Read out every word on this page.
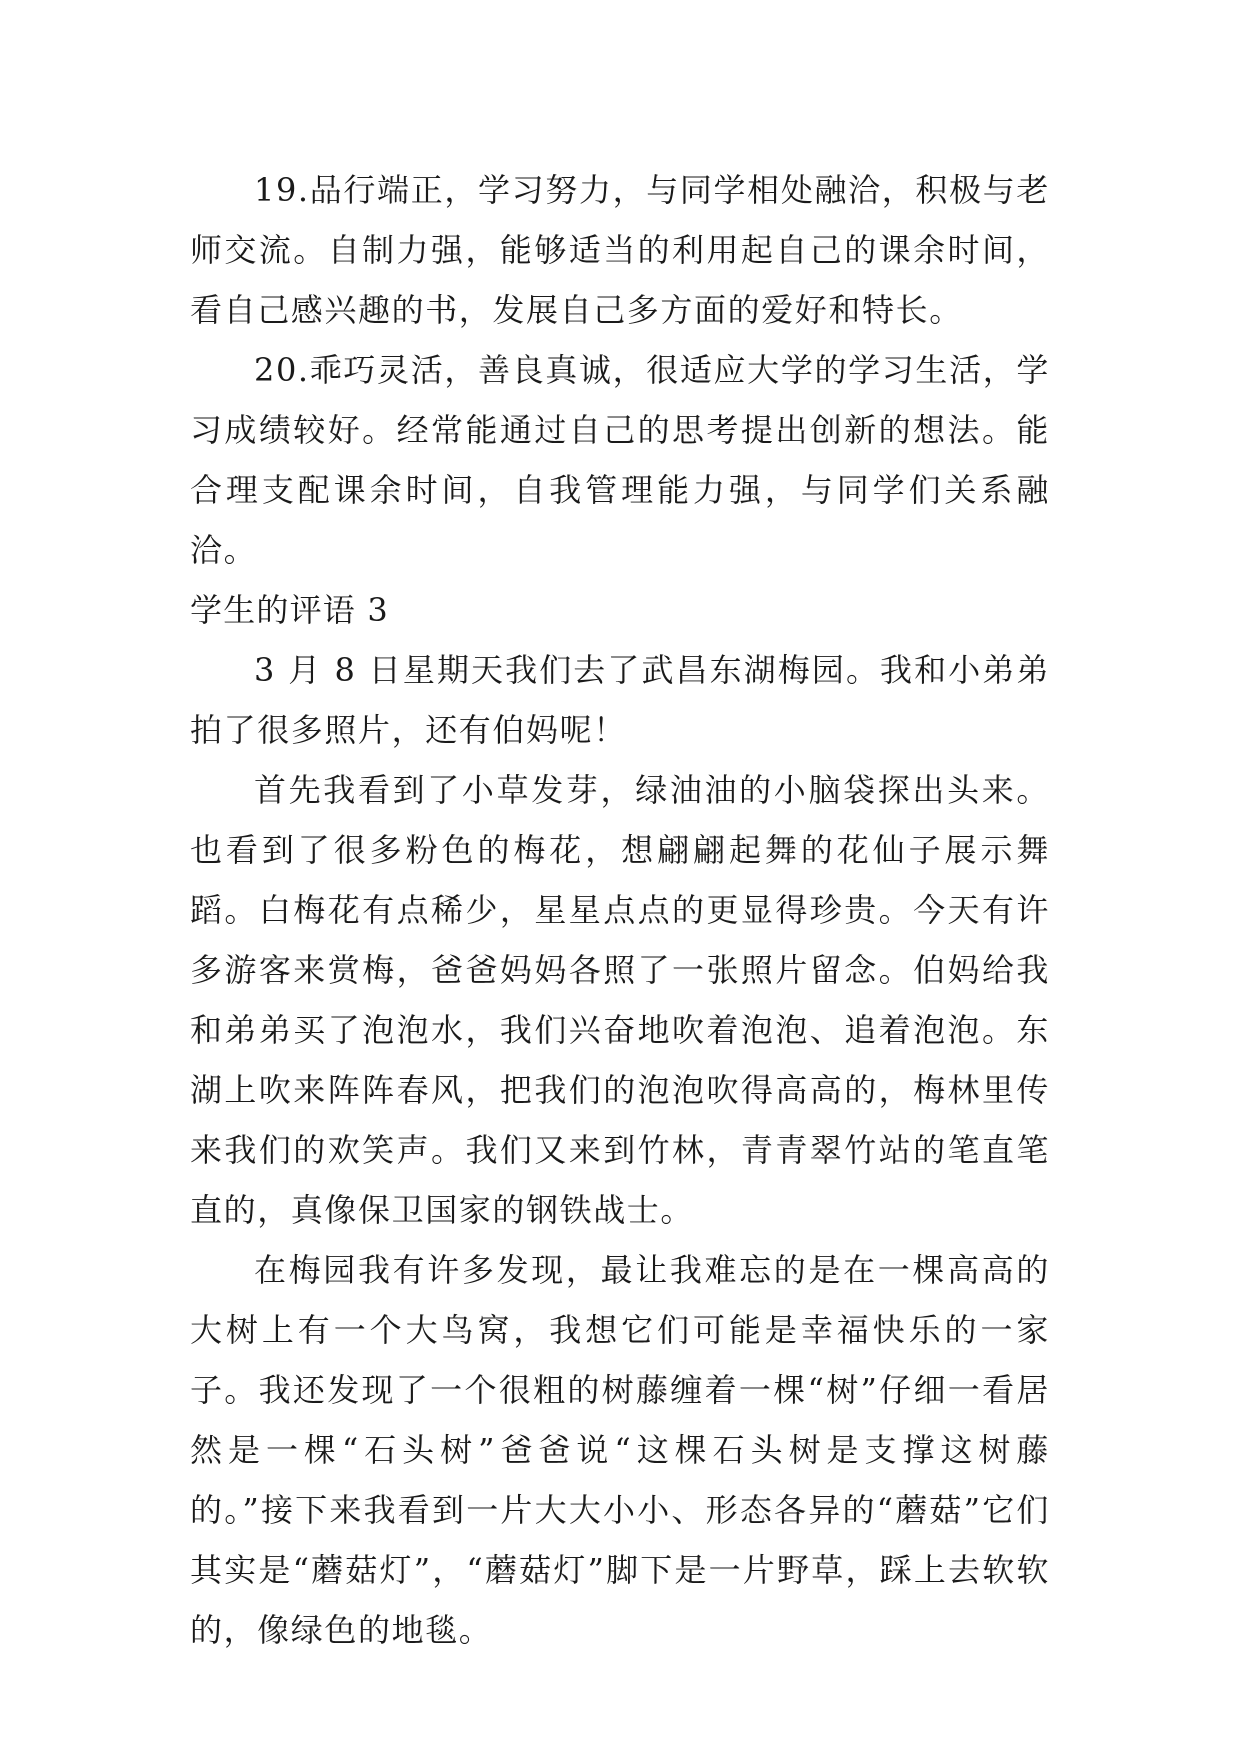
19.品行端正，学习努力，与同学相处融洽，积极与老师交流。自制力强，能够适当的利用起自己的课余时间，看自己感兴趣的书，发展自己多方面的爱好和特长。

20.乖巧灵活，善良真诚，很适应大学的学习生活，学习成绩较好。经常能通过自己的思考提出创新的想法。能合理支配课余时间，自我管理能力强，与同学们关系融洽。

学生的评语 3

3 月 8 日星期天我们去了武昌东湖梅园。我和小弟弟拍了很多照片，还有伯妈呢！

首先我看到了小草发芽，绿油油的小脑袋探出头来。也看到了很多粉色的梅花，想翩翩起舞的花仙子展示舞蹈。白梅花有点稀少，星星点点的更显得珍贵。今天有许多游客来赏梅，爸爸妈妈各照了一张照片留念。伯妈给我和弟弟买了泡泡水，我们兴奋地吹着泡泡、追着泡泡。东湖上吹来阵阵春风，把我们的泡泡吹得高高的，梅林里传来我们的欢笑声。我们又来到竹林，青青翠竹站的笔直笔直的，真像保卫国家的钢铁战士。

在梅园我有许多发现，最让我难忘的是在一棵高高的大树上有一个大鸟窝，我想它们可能是幸福快乐的一家子。我还发现了一个很粗的树藤缠着一棵“树”仔细一看居然是一棵“石头树”爸爸说“这棵石头树是支撑这树藤的。”接下来我看到一片大大小小、形态各异的“蘑菇”它们其实是“蘑菇灯”，“蘑菇灯”脚下是一片野草，踩上去软软的，像绿色的地毯。
